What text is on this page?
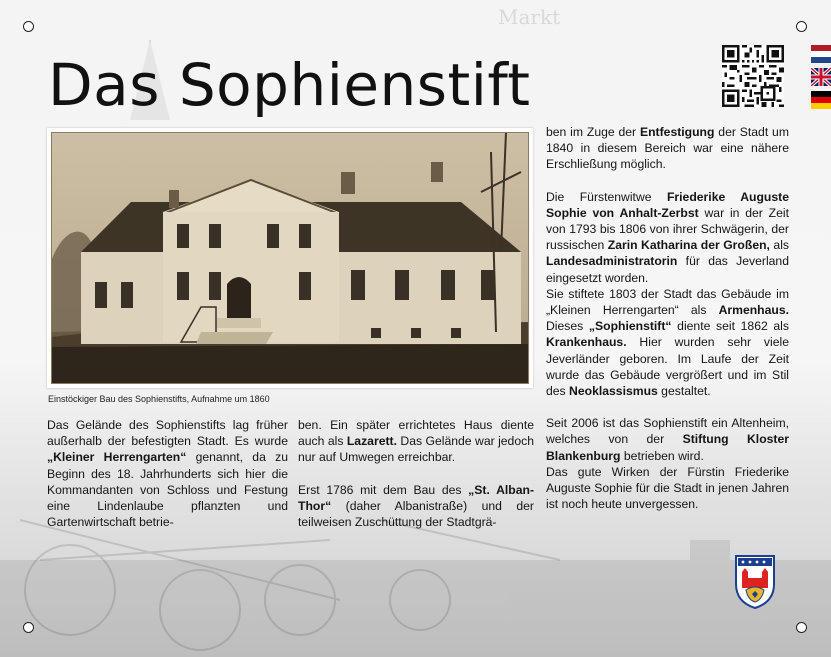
Markt
Das Sophienstift
Einstöckiger Bau des Sophienstifts, Aufnahme um 1860

Das Gelände des Sophienstifts lag früher außerhalb der befestigten Stadt. Es wurde „Kleiner Herrengarten“ genannt, da zu Beginn des 18. Jahrhunderts sich hier die Kommandanten von Schloss und Festung eine Lindenlaube pflanzten und Gartenwirtschaft betrie-

ben. Ein später errichtetes Haus diente auch als Lazarett. Das Gelände war jedoch nur auf Umwegen erreichbar.

Erst 1786 mit dem Bau des „St. AlbanThor“ (daher Albanistraße) und der teilweisen Zuschüttung der Stadtgrä-

ben im Zuge der Entfestigung der Stadt um 1840 in diesem Bereich war eine nähere Erschließung möglich.

Die Fürstenwitwe Friederike Auguste Sophie von Anhalt-Zerbst war in der Zeit von 1793 bis 1806 von ihrer Schwägerin, der russischen Zarin Katharina der Großen, als Landesadministratorin für das Jeverland eingesetzt worden.

Sie stiftete 1803 der Stadt das Gebäude im „Kleinen Herrengarten“ als Armenhaus. Dieses „Sophienstift“ diente seit 1862 als Krankenhaus. Hier wurden sehr viele Jeverländer geboren. Im Laufe der Zeit wurde das Gebäude vergrößert und im Stil des Neoklassismus gestaltet.

Seit 2006 ist das Sophienstift ein Altenheim, welches von der Stiftung Kloster Blankenburg betrieben wird.

Das gute Wirken der Fürstin Friederike Auguste Sophie für die Stadt in jenen Jahren ist noch heute unvergessen.
